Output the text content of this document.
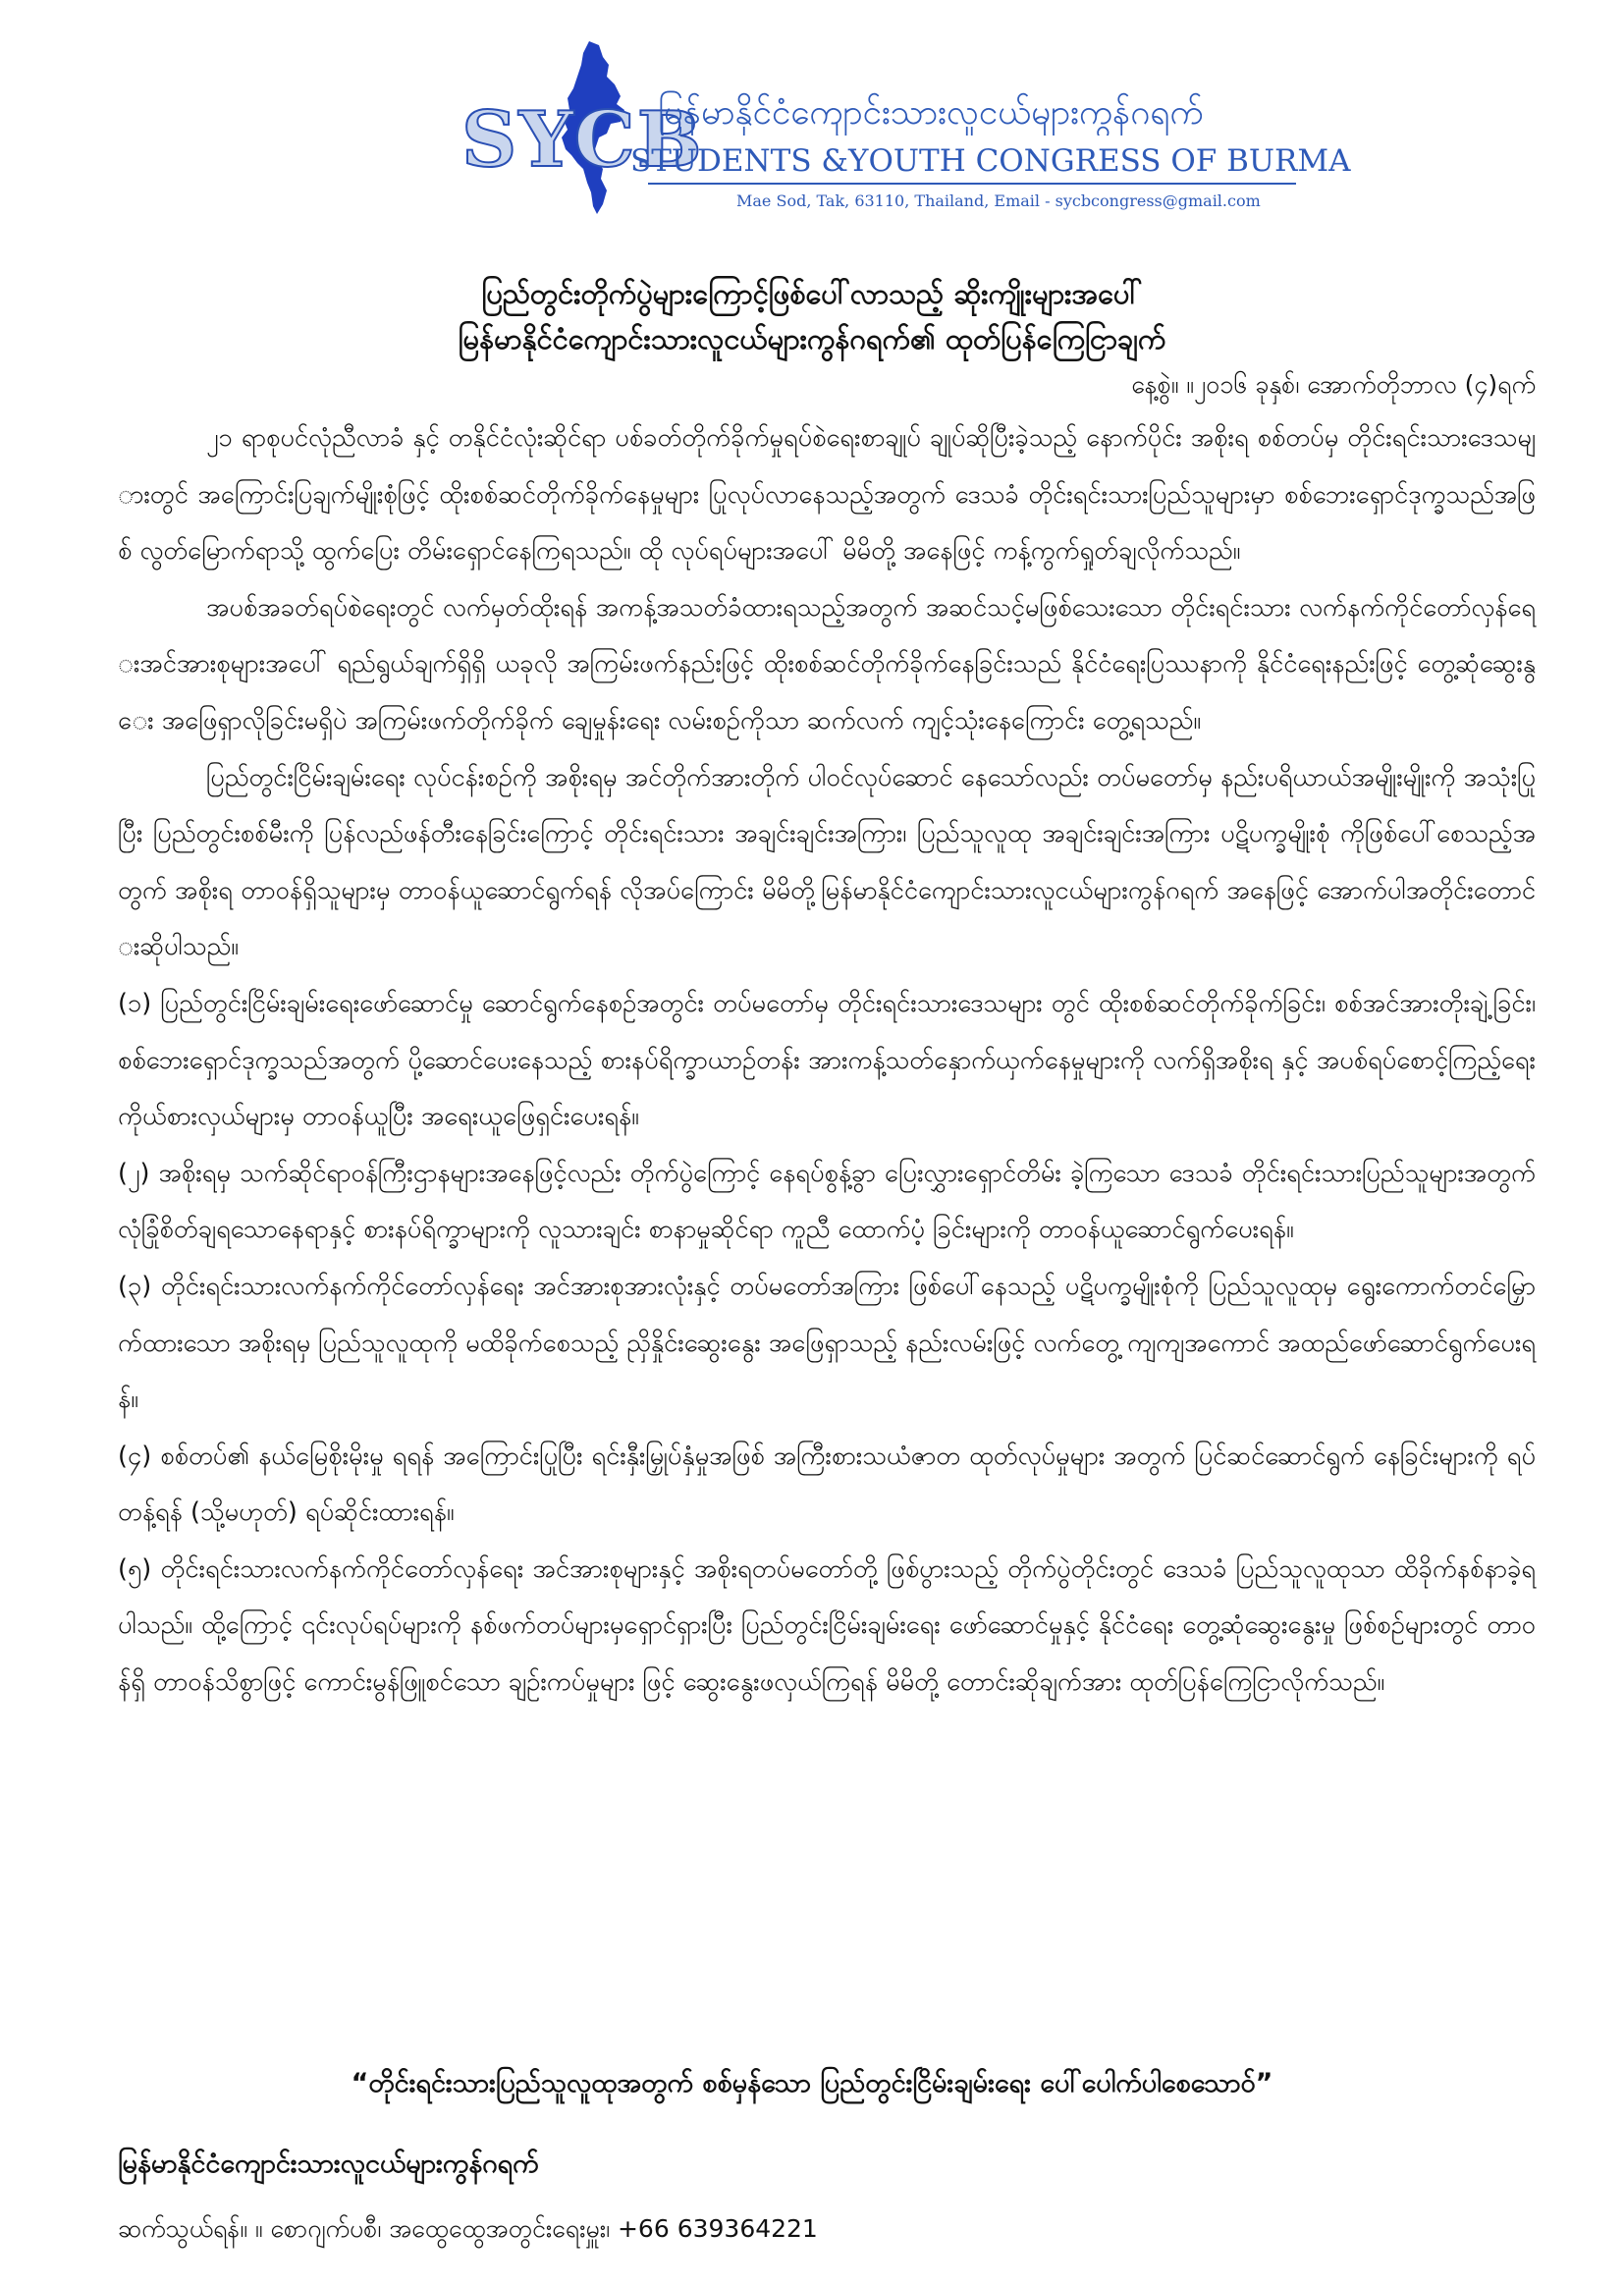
SYCB
မြန်မာနိုင်ငံကျောင်းသားလူငယ်များကွန်ဂရက်
STUDENTS &YOUTH CONGRESS OF BURMA
Mae Sod, Tak, 63110, Thailand, Email - sycbcongress@gmail.com
ပြည်တွင်းတိုက်ပွဲများကြောင့်ဖြစ်ပေါ်လာသည့် ဆိုးကျိုးများအပေါ်
မြန်မာနိုင်ငံကျောင်းသားလူငယ်များကွန်ဂရက်၏ ထုတ်ပြန်ကြေငြာချက်
နေ့စွဲ။ ။၂၀၁၆ ခုနှစ်၊ အောက်တိုဘာလ (၄)ရက်

၂၁ ရာစုပင်လုံညီလာခံ နှင့် တနိုင်ငံလုံးဆိုင်ရာ ပစ်ခတ်တိုက်ခိုက်မှုရပ်စဲရေးစာချုပ် ချုပ်ဆိုပြီးခဲ့သည့် နောက်ပိုင်း အစိုးရ စစ်တပ်မှ တိုင်းရင်းသားဒေသများတွင် အကြောင်းပြချက်မျိုးစုံဖြင့် ထိုးစစ်ဆင်တိုက်ခိုက်နေမှုများ ပြုလုပ်လာနေသည့်အတွက် ဒေသခံ တိုင်းရင်းသားပြည်သူများမှာ စစ်ဘေးရှောင်ဒုက္ခသည်အဖြစ် လွတ်မြောက်ရာသို့ ထွက်ပြေး တိမ်းရှောင်နေကြရသည်။ ထို လုပ်ရပ်များအပေါ် မိမိတို့ အနေဖြင့် ကန့်ကွက်ရှုတ်ချလိုက်သည်။

အပစ်အခတ်ရပ်စဲရေးတွင် လက်မှတ်ထိုးရန် အကန့်အသတ်ခံထားရသည့်အတွက် အဆင်သင့်မဖြစ်သေးသော တိုင်းရင်းသား လက်နက်ကိုင်တော်လှန်ရေးအင်အားစုများအပေါ် ရည်ရွယ်ချက်ရှိရှိ ယခုလို အကြမ်းဖက်နည်းဖြင့် ထိုးစစ်ဆင်တိုက်ခိုက်နေခြင်းသည် နိုင်ငံရေးပြဿနာကို နိုင်ငံရေးနည်းဖြင့် တွေ့ဆုံဆွေးနွေး အဖြေရှာလိုခြင်းမရှိပဲ အကြမ်းဖက်တိုက်ခိုက် ချေမှုန်းရေး လမ်းစဉ်ကိုသာ ဆက်လက် ကျင့်သုံးနေကြောင်း တွေ့ရသည်။

ပြည်တွင်းငြိမ်းချမ်းရေး လုပ်ငန်းစဉ်ကို အစိုးရမှ အင်တိုက်အားတိုက် ပါဝင်လုပ်ဆောင် နေသော်လည်း တပ်မတော်မှ နည်းပရိယာယ်အမျိုးမျိုးကို အသုံးပြုပြီး ပြည်တွင်းစစ်မီးကို ပြန်လည်ဖန်တီးနေခြင်းကြောင့် တိုင်းရင်းသား အချင်းချင်းအကြား၊ ပြည်သူလူထု အချင်းချင်းအကြား ပဋိပက္ခမျိုးစုံ ကိုဖြစ်ပေါ်စေသည့်အတွက် အစိုးရ တာဝန်ရှိသူများမှ တာဝန်ယူဆောင်ရွက်ရန် လိုအပ်ကြောင်း မိမိတို့မြန်မာနိုင်ငံကျောင်းသားလူငယ်များကွန်ဂရက် အနေဖြင့် အောက်ပါအတိုင်းတောင်းဆိုပါသည်။

(၁) ပြည်တွင်းငြိမ်းချမ်းရေးဖော်ဆောင်မှု ဆောင်ရွက်နေစဉ်အတွင်း တပ်မတော်မှ တိုင်းရင်းသားဒေသများ တွင် ထိုးစစ်ဆင်တိုက်ခိုက်ခြင်း၊ စစ်အင်အားတိုးချဲ့ခြင်း၊ စစ်ဘေးရှောင်ဒုက္ခသည်အတွက် ပို့ဆောင်ပေးနေသည့် စားနပ်ရိက္ခာယာဉ်တန်း အားကန့်သတ်နှောက်ယှက်နေမှုများကို လက်ရှိအစိုးရ နှင့် အပစ်ရပ်စောင့်ကြည့်ရေး ကိုယ်စားလှယ်များမှ တာဝန်ယူပြီး အရေးယူဖြေရှင်းပေးရန်။

(၂) အစိုးရမှ သက်ဆိုင်ရာဝန်ကြီးဌာနများအနေဖြင့်လည်း တိုက်ပွဲကြောင့် နေရပ်စွန့်ခွာ ပြေးလွှားရှောင်တိမ်း ခဲ့ကြသော ဒေသခံ တိုင်းရင်းသားပြည်သူများအတွက် လုံခြုံစိတ်ချရသောနေရာနှင့် စားနပ်ရိက္ခာများကို လူသားချင်း စာနာမှုဆိုင်ရာ ကူညီ ထောက်ပံ့ ခြင်းများကို တာဝန်ယူဆောင်ရွက်ပေးရန်။

(၃) တိုင်းရင်းသားလက်နက်ကိုင်တော်လှန်ရေး အင်အားစုအားလုံးနှင့် တပ်မတော်အကြား ဖြစ်ပေါ်နေသည့် ပဋိပက္ခမျိုးစုံကို ပြည်သူလူထုမှ ရွေးကောက်တင်မြှောက်ထားသော အစိုးရမှ ပြည်သူလူထုကို မထိခိုက်စေသည့် ညှိနှိုင်းဆွေးနွေး အဖြေရှာသည့် နည်းလမ်းဖြင့် လက်တွေ့ ကျကျအကောင် အထည်ဖော်ဆောင်ရွက်ပေးရန်။

(၄) စစ်တပ်၏ နယ်မြေစိုးမိုးမှု ရရန် အကြောင်းပြုပြီး ရင်းနှီးမြှုပ်နှံမှုအဖြစ် အကြီးစားသယံဇာတ ထုတ်လုပ်မှုများ အတွက် ပြင်ဆင်ဆောင်ရွက် နေခြင်းများကို ရပ်တန့်ရန် (သို့မဟုတ်) ရပ်ဆိုင်းထားရန်။

(၅) တိုင်းရင်းသားလက်နက်ကိုင်တော်လှန်ရေး အင်အားစုများနှင့် အစိုးရတပ်မတော်တို့ ဖြစ်ပွားသည့် တိုက်ပွဲတိုင်းတွင် ဒေသခံ ပြည်သူလူထုသာ ထိခိုက်နစ်နာခဲ့ရပါသည်။ ထို့ကြောင့် ၎င်းလုပ်ရပ်များကို နစ်ဖက်တပ်များမှရှောင်ရှားပြီး ပြည်တွင်းငြိမ်းချမ်းရေး ဖော်ဆောင်မှုနှင့် နိုင်ငံရေး တွေ့ဆုံဆွေးနွေးမှု ဖြစ်စဉ်များတွင် တာဝန်ရှိ တာဝန်သိစွာဖြင့် ကောင်းမွန်ဖြူစင်သော ချဉ်းကပ်မှုများ ဖြင့် ဆွေးနွေးဖလှယ်ကြရန် မိမိတို့ တောင်းဆိုချက်အား ထုတ်ပြန်ကြေငြာလိုက်သည်။

“တိုင်းရင်းသားပြည်သူလူထုအတွက် စစ်မှန်သော ပြည်တွင်းငြိမ်းချမ်းရေး ပေါ်ပေါက်ပါစေသောဝ်”
မြန်မာနိုင်ငံကျောင်းသားလူငယ်များကွန်ဂရက်
ဆက်သွယ်ရန်။ ။ စောဂျက်ပစီ၊ အထွေထွေအတွင်းရေးမှူး၊ +66 639364221
